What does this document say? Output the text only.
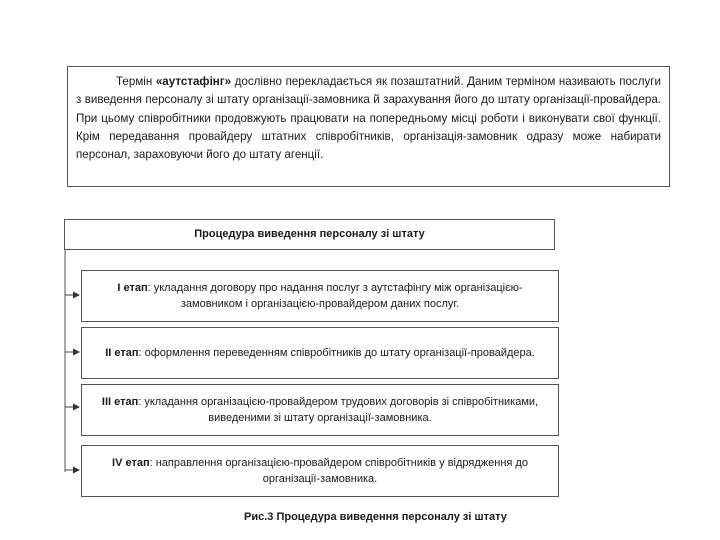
Термін «аутстафінг» дослівно перекладається як позаштатний. Даним терміном називають послуги з виведення персоналу зі штату організації-замовника й зарахування його до штату організації-провайдера. При цьому співробітники продовжують працювати на попередньому місці роботи і виконувати свої функції. Крім передавання провайдеру штатних співробітників, організація-замовник одразу може набирати персонал, зараховуючи його до штату агенції.
Процедура виведення персоналу зі штату
І етап: укладання договору про надання послуг з аутстафінгу між організацією-замовником і організацією-провайдером даних послуг.
ІІ етап: оформлення переведенням співробітників до штату організації-провайдера.
ІІІ етап: укладання організацією-провайдером трудових договорів зі співробітниками, виведеними зі штату організації-замовника.
IV етап: направлення організацією-провайдером співробітників у відрядження до організації-замовника.
Рис.3 Процедура виведення персоналу зі штату
